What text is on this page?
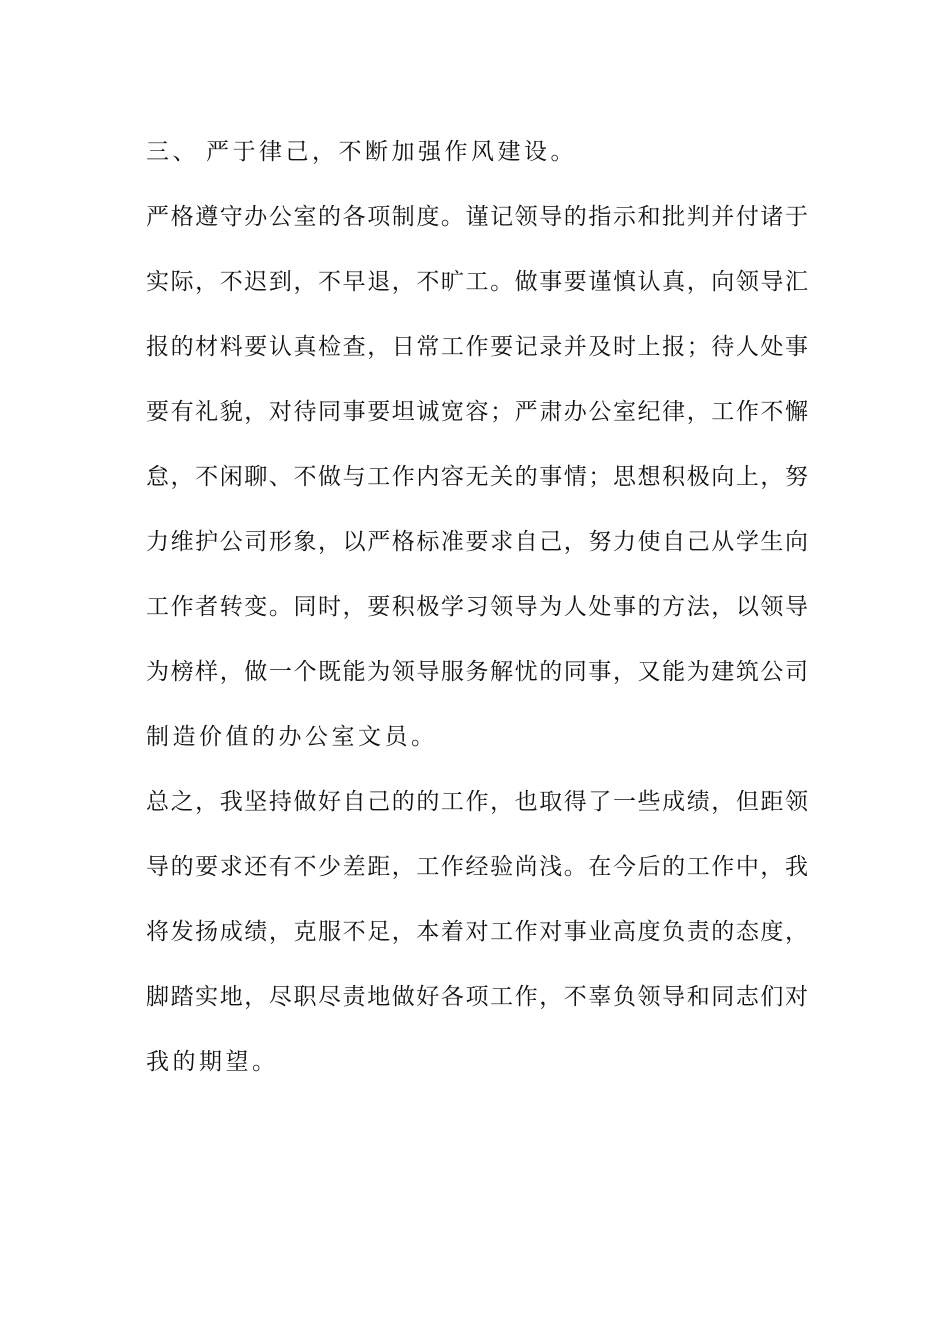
三、 严于律己，不断加强作风建设。
严格遵守办公室的各项制度。谨记领导的指示和批判并付诸于
实际，不迟到，不早退，不旷工。做事要谨慎认真，向领导汇
报的材料要认真检查，日常工作要记录并及时上报；待人处事
要有礼貌，对待同事要坦诚宽容；严肃办公室纪律，工作不懈
怠，不闲聊、不做与工作内容无关的事情；思想积极向上，努
力维护公司形象，以严格标准要求自己，努力使自己从学生向
工作者转变。同时，要积极学习领导为人处事的方法，以领导
为榜样，做一个既能为领导服务解忧的同事，又能为建筑公司
制造价值的办公室文员。
总之，我坚持做好自己的的工作，也取得了一些成绩，但距领
导的要求还有不少差距，工作经验尚浅。在今后的工作中，我
将发扬成绩，克服不足，本着对工作对事业高度负责的态度，
脚踏实地，尽职尽责地做好各项工作，不辜负领导和同志们对
我的期望。
